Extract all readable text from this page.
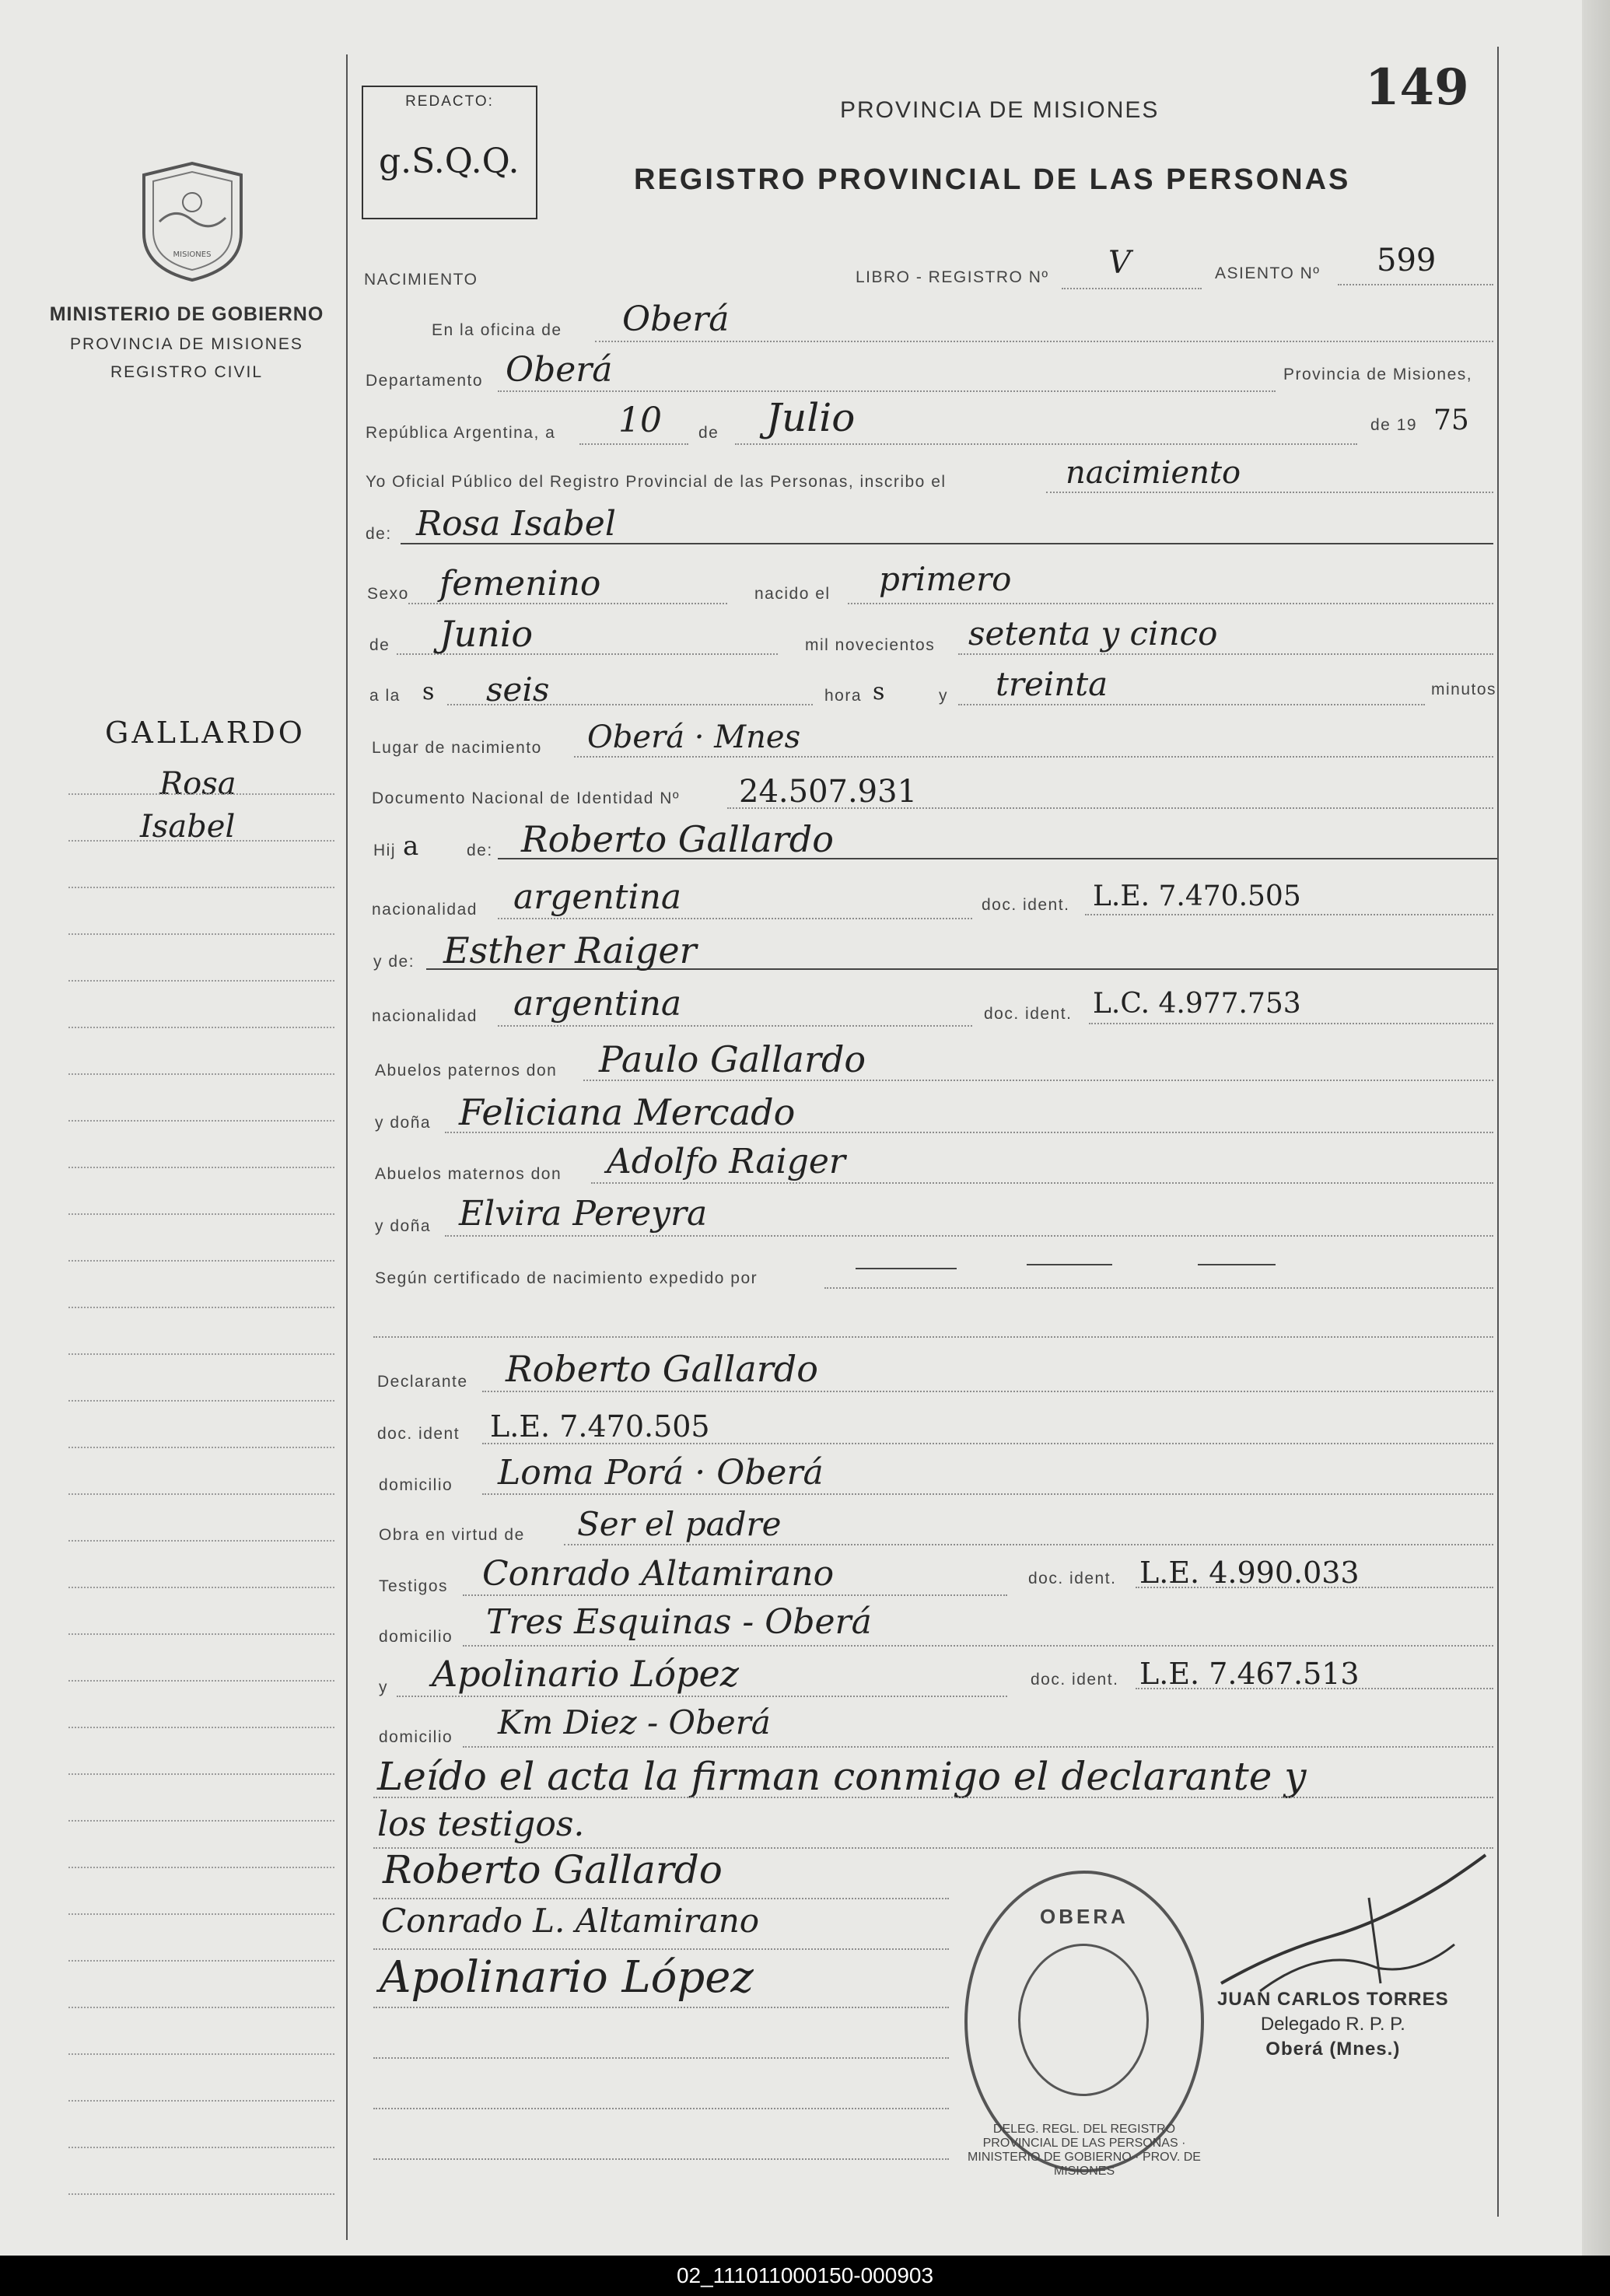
MISIONES
MINISTERIO DE GOBIERNO
PROVINCIA DE MISIONES
REGISTRO CIVIL
GALLARDO
Rosa
Isabel
REDACTO:
g.S.Q.Q.
PROVINCIA DE MISIONES
REGISTRO PROVINCIAL DE LAS PERSONAS
149
NACIMIENTO	LIBRO - REGISTRO Nº V	ASIENTO Nº 599
En la oficina de Oberá
Departamento Oberá	Provincia de Misiones,
República Argentina, a 10 de Julio	de 19 75
Yo Oficial Público del Registro Provincial de las Personas, inscribo el	nacimiento
de: Rosa Isabel
Sexo femenino	nacido el primero
de Junio	mil novecientos setenta y cinco
a la s seis	hora s	y treinta	minutos
Lugar de nacimiento Oberá · Mnes
Documento Nacional de Identidad Nº 24.507.931
Hij a	de: Roberto Gallardo
nacionalidad argentina	doc. ident. L.E. 7.470.505
y de: Esther Raiger
nacionalidad argentina	doc. ident. L.C. 4.977.753
Abuelos paternos don Paulo Gallardo
y doña Feliciana Mercado
Abuelos maternos don Adolfo Raiger
y doña Elvira Pereyra
Según certificado de nacimiento expedido por
Declarante Roberto Gallardo
doc. ident L.E. 7.470.505
domicilio Loma Porá · Oberá
Obra en virtud de Ser el padre
Testigos Conrado Altamirano	doc. ident. L.E. 4.990.033
domicilio Tres Esquinas - Oberá
y Apolinario López	doc. ident. L.E. 7.467.513
domicilio Km Diez - Oberá
Leído el acta la firman conmigo el declarante y
los testigos.
Roberto Gallardo
Conrado L. Altamirano
Apolinario López
OBERA
DELEG. REGL. DEL REGISTRO PROVINCIAL DE LAS PERSONAS · MINISTERIO DE GOBIERNO · PROV. DE MISIONES
JUAN CARLOS TORRES
Delegado R. P. P.
Oberá (Mnes.)
02_111011000150-000903
